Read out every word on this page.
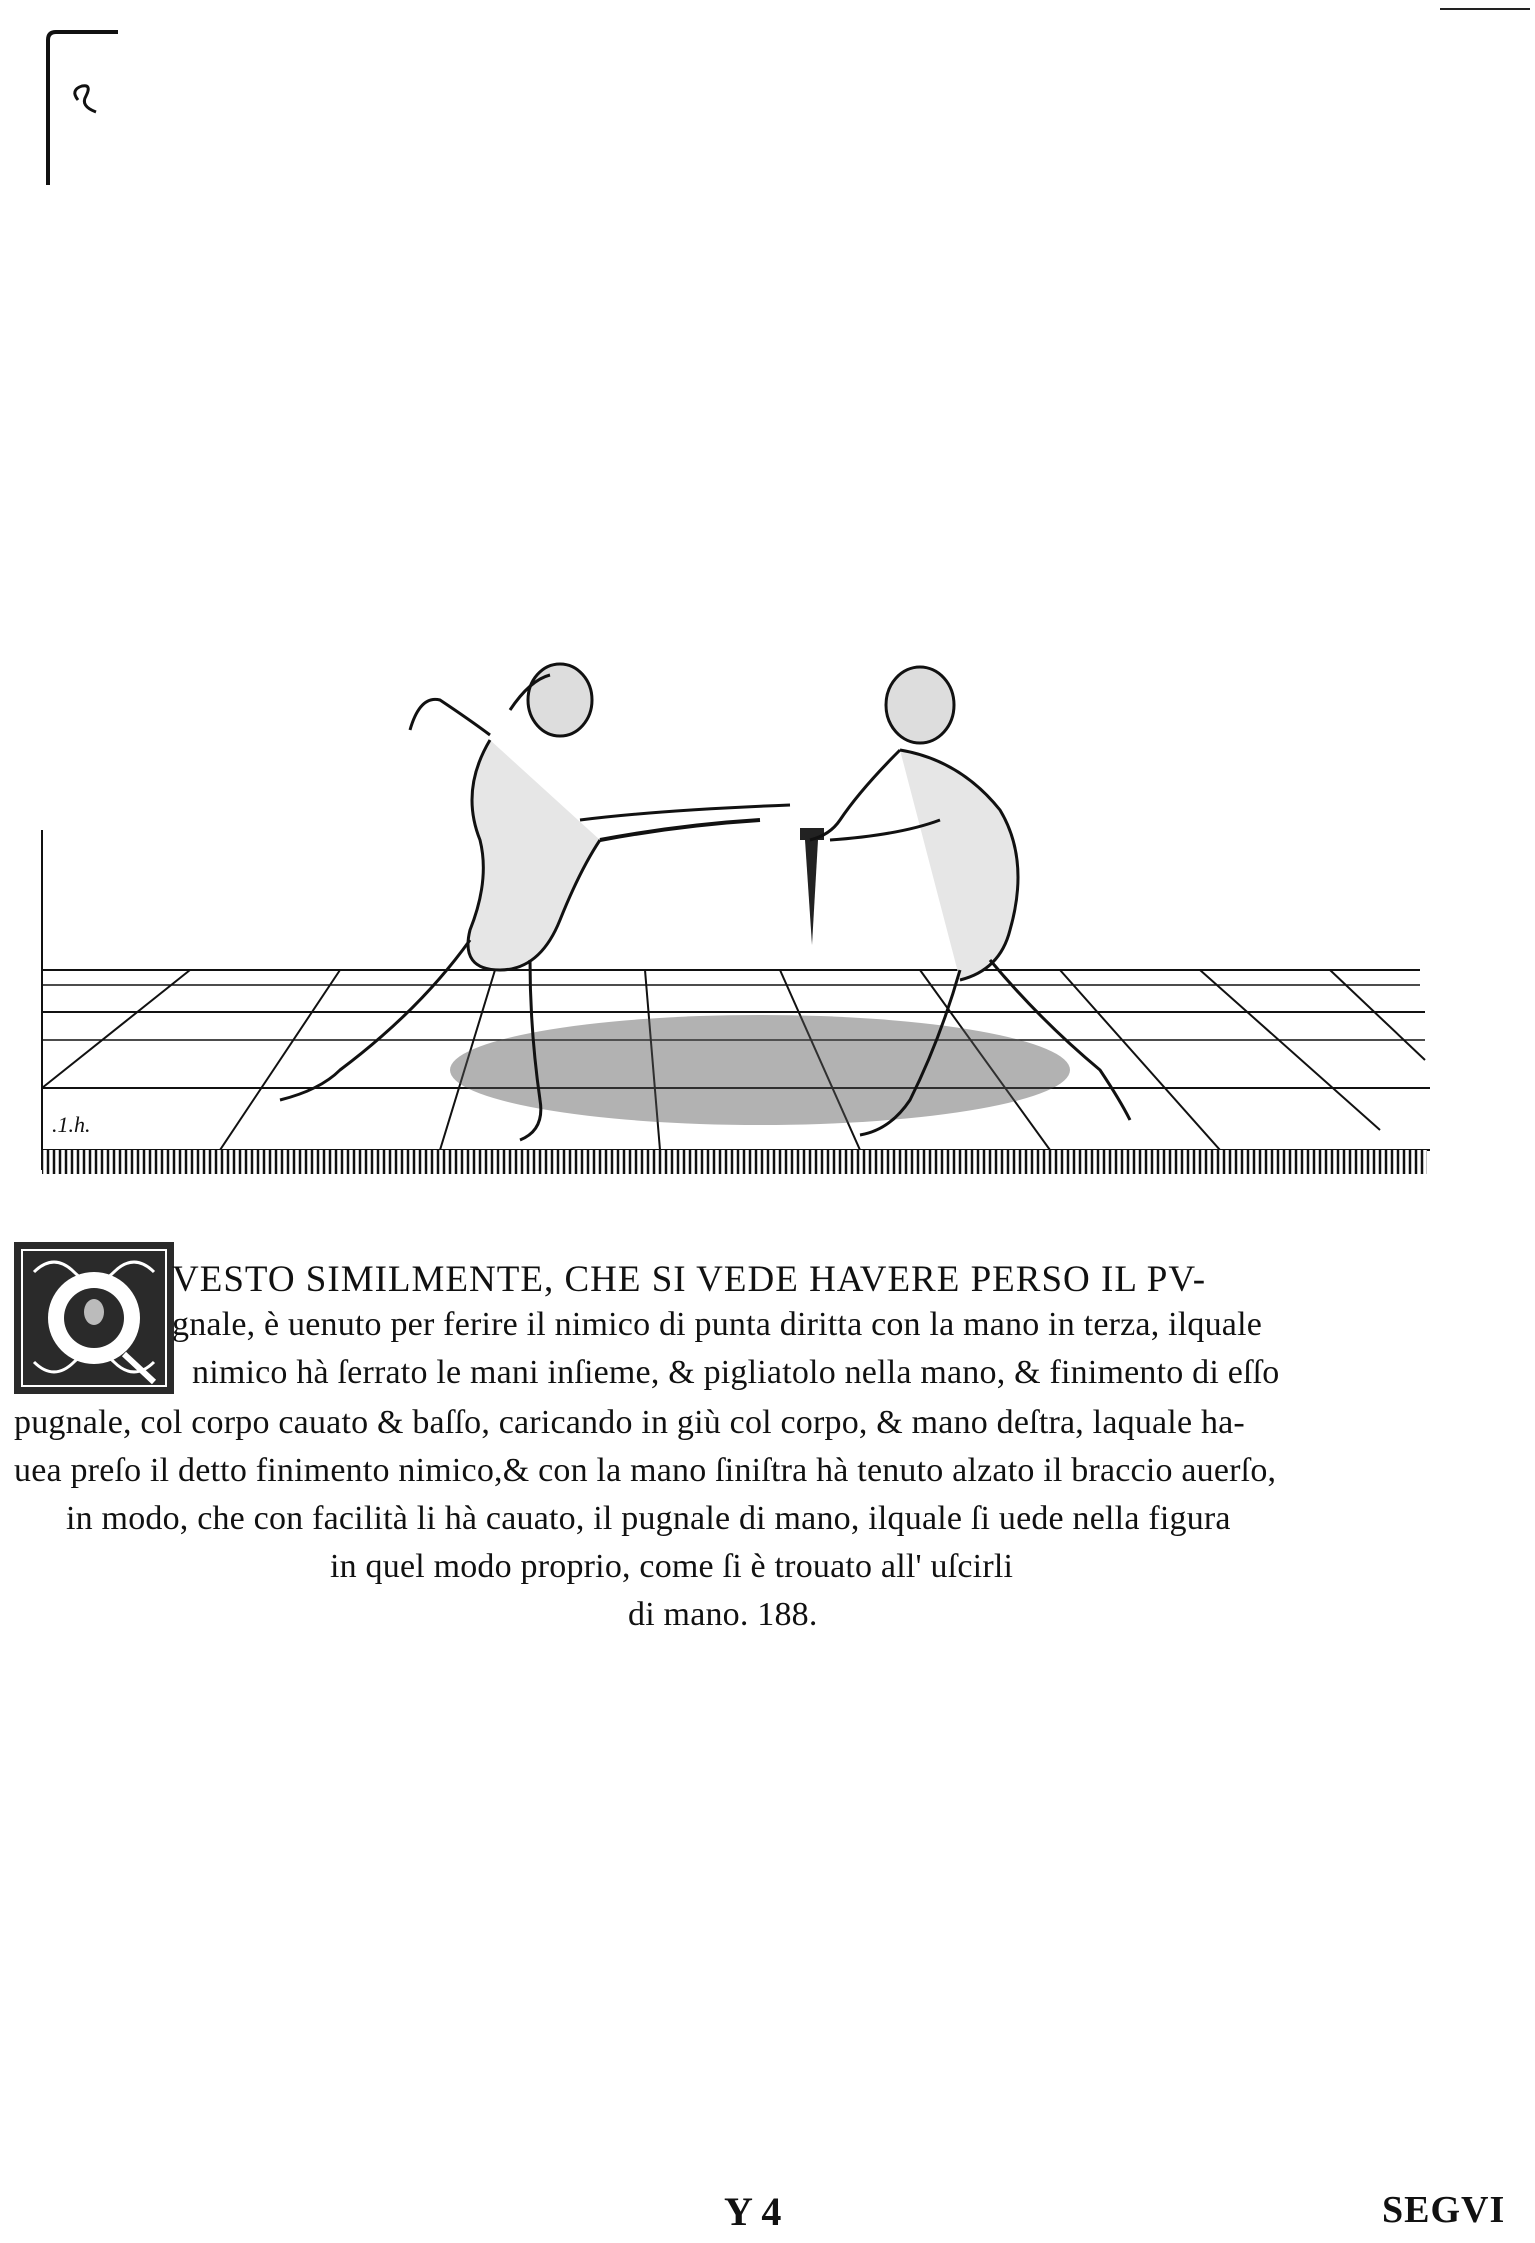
.1.h.
VESTO SIMILMENTE, CHE SI VEDE HAVERE PERSO IL PV-
gnale, è uenuto per ferire il nimico di punta diritta con la mano in terza, ilquale
nimico hà ſerrato le mani inſieme, & pigliatolo nella mano, & finimento di eſſo
pugnale, col corpo cauato & baſſo, caricando in giù col corpo, & mano deſtra, laquale ha-
uea preſo il detto finimento nimico,& con la mano ſiniſtra hà tenuto alzato il braccio auerſo,
in modo, che con facilità li hà cauato, il pugnale di mano, ilquale ſi uede nella figura
in quel modo proprio, come ſi è trouato all' uſcirli
di mano. 188.
Y 4	SEGVI
